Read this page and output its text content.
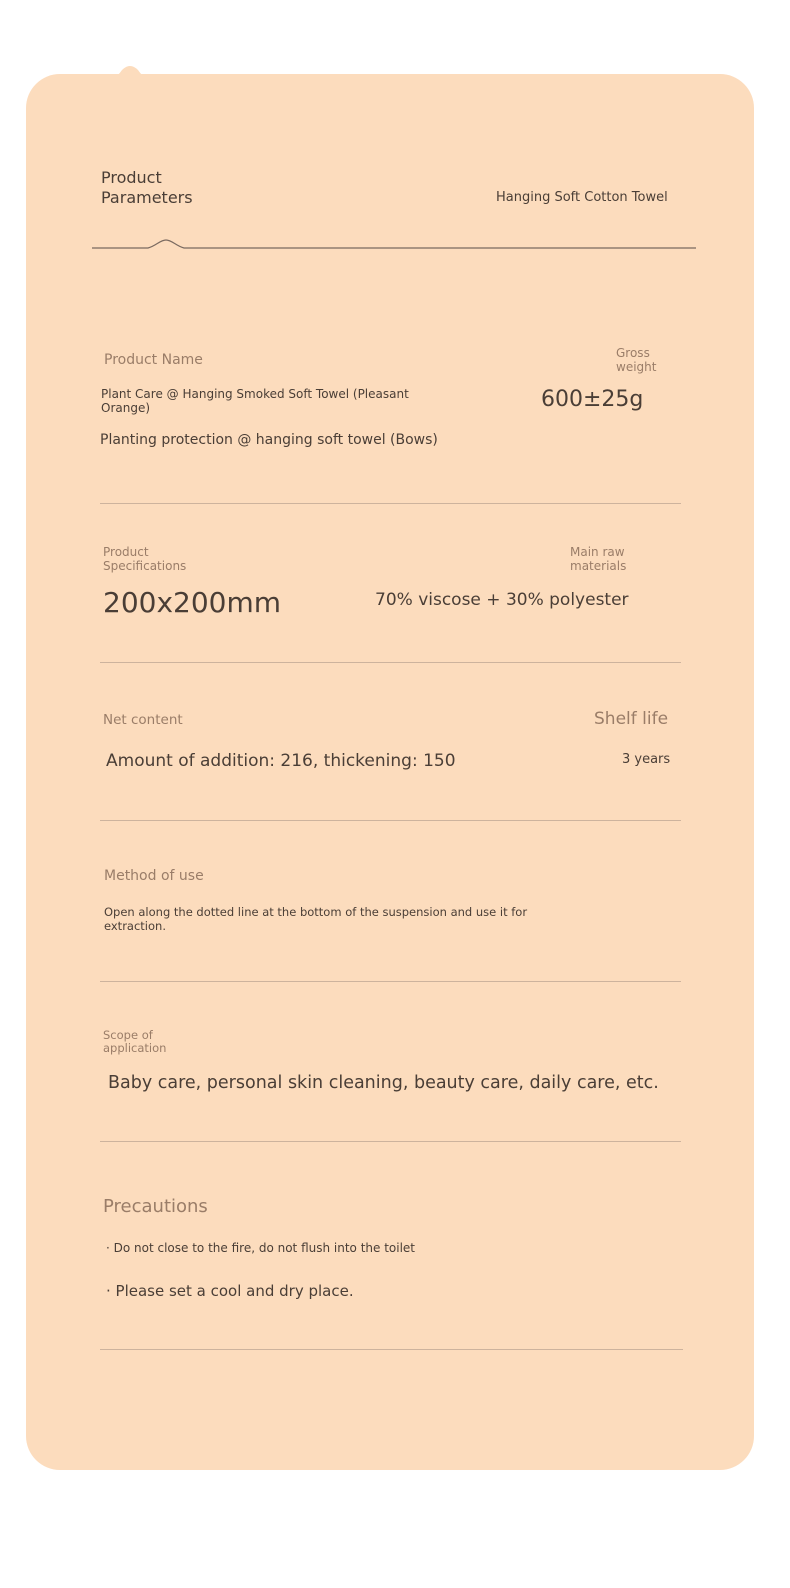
Product
Parameters	Hanging Soft Cotton Towel
Product Name
Plant Care @ Hanging Smoked Soft Towel (Pleasant
Orange)
Planting protection @ hanging soft towel (Bows)
Gross
weight
600±25g
Product
Specifications
200x200mm
Main raw
materials
70% viscose + 30% polyester
Net content
Amount of addition: 216, thickening: 150
Shelf life
3 years
Method of use
Open along the dotted line at the bottom of the suspension and use it for
extraction.
Scope of
application
Baby care, personal skin cleaning, beauty care, daily care, etc.
Precautions
· Do not close to the fire, do not flush into the toilet
· Please set a cool and dry place.
